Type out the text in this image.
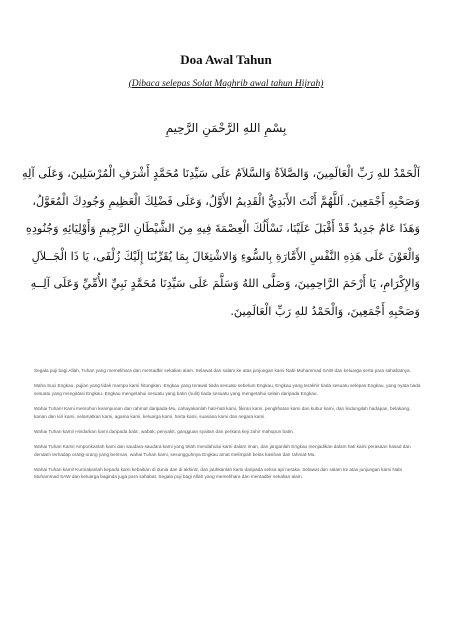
Doa Awal Tahun
(Dibaca selepas Solat Maghrib awal tahun Hijrah)
بِسْمِ اللهِ الرَّحْمَنِ الرَّحِيمِ
اَلْحَمْدُ للهِ رَبِّ الْعَالَمِينَ، وَالصَّلاَةُ وَالسَّلاَمُ عَلَى سَيِّدِنَا مُحَمَّدٍ أَشْرَفِ الْمُرْسَلِينَ، وَعَلَى آلِهِ
وَصَحْبِهِ أَجْمَعِينَ. اَللَّهُمَّ أَنْتَ الأَبَدِيُّ الْقَدِيمُ الأَوَّلُ، وَعَلَى فَضْلِكَ الْعَظِيمِ وَجُودِكَ الْمُعَوَّلُ،
وَهَذَا عَامٌ جَدِيدٌ قَدْ أَقْبَلَ عَلَيْنَا، نَسْأَلُكَ الْعِصْمَةَ فِيهِ مِنَ الشَّيْطَانِ الرَّجِيمِ وَأَوْلِيَائِهِ وَجُنُودِهِ
وَالْعَوْنَ عَلَى هَذِهِ النَّفْسِ الأَمَّارَةِ بِالسُّوءِ وَالاشْتِغَالَ بِمَا يُقَرِّبُنَا إِلَيْكَ زُلْفَى، يَا ذَا الْجَــلاَلِ
وَالإِكْرَامِ، يَا أَرْحَمَ الرَّاحِمِينَ، وَصَلَّى اللهُ وَسَلَّمَ عَلَى سَيِّدِنَا مُحَمَّدٍ نَبِيِّ الأُمِّيِّ وَعَلَى آلِــهِ
وَصَحْبِهِ أَجْمَعِينَ، وَالْحَمْدُ للهِ رَبِّ الْعَالَمِينَ.

Segala puji bagi Allah, Tuhan yang memelihara dan mentadbir sekalian alam. Selawat dan salam ke atas junjungan kami Nabi Muhammad SAW dan keluarga serta para sahabatnya.

Maha Suci Engkau, pujian yang tidak mampu kami hitungkan. Engkau yang terawal tiada sesuatu sebelum Engkau, Engkau yang terakhir tiada sesuatu selepas Engkau, yang nyata tiada sesuatu yang mengatasi Engkau. Engkau mengetahui sesuatu yang batin (sulit) tiada sesuatu yang mengetahui selain daripada Engkau.

Wahai Tuhan! Kami memohon keampunan dan rahmat daripada-Mu, cahayakanlah hati-hati kami, fikiran kami, penglihatan kami dan kubur kami, dan lindungilah hadapan, belakang, kanan dan kiri kami, selamatkan kami, agama kami, keluarga kami, harta kami, suasana kami dan negara kami.

Wahai Tuhan kami! Hindarkan kami daripada bala', wabak, penyakit, gangguan syaitan dan perkara keji zahir mahupun batin.

Wahai Tuhan Kami! Ampunkanlah kami dan saudara-saudara kami yang telah mendahului kami dalam iman, dan janganlah Engkau menjadikan dalam hati kami perasaan hasad dan dendam terhadap orang-orang yang beriman, wahai Tuhan kami, sesungguhnya Engkau amat melimpah belas kasihan dan rahmat-Mu.

Wahai Tuhan kami! Kurniakanlah kepada kami kebaikan di dunia dan di akhirat, dan jauhkanlah kami daripada seksa api neraka. Selawat dan salam ke atas junjungan kami Nabi Muhammad SAW dan keluarga baginda juga para sahabat. Segala puji bagi Allah yang memelihara dan mentadbir sekalian alam.
